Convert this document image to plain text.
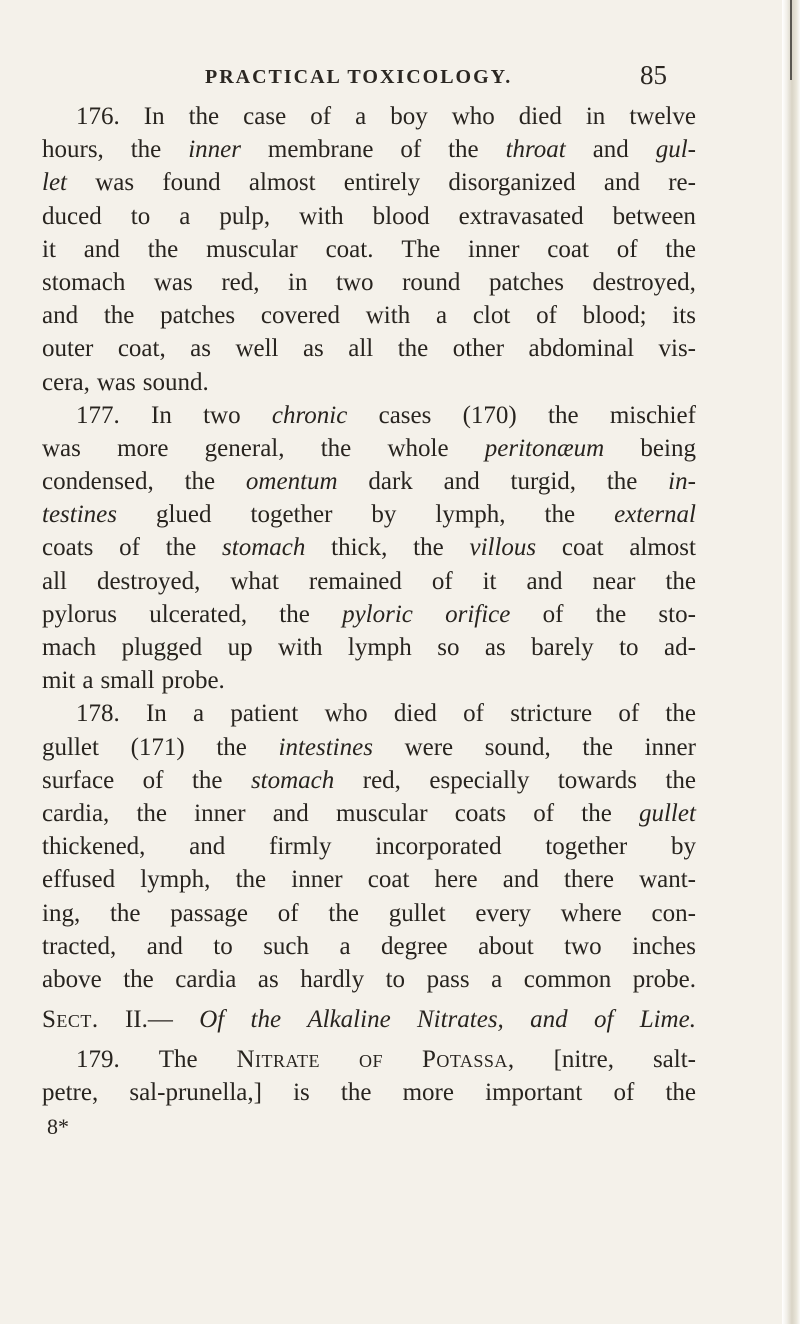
PRACTICAL TOXICOLOGY.	85
176. In the case of a boy who died in twelve
hours, the inner membrane of the throat and gul-
let was found almost entirely disorganized and re-
duced to a pulp, with blood extravasated between
it and the muscular coat. The inner coat of the
stomach was red, in two round patches destroyed,
and the patches covered with a clot of blood; its
outer coat, as well as all the other abdominal vis-
cera, was sound.
177. In two chronic cases (170) the mischief
was more general, the whole peritonæum being
condensed, the omentum dark and turgid, the in-
testines glued together by lymph, the external
coats of the stomach thick, the villous coat almost
all destroyed, what remained of it and near the
pylorus ulcerated, the pyloric orifice of the sto-
mach plugged up with lymph so as barely to ad-
mit a small probe.
178. In a patient who died of stricture of the
gullet (171) the intestines were sound, the inner
surface of the stomach red, especially towards the
cardia, the inner and muscular coats of the gullet
thickened, and firmly incorporated together by
effused lymph, the inner coat here and there want-
ing, the passage of the gullet every where con-
tracted, and to such a degree about two inches
above the cardia as hardly to pass a common probe.
Sect. II.— Of the Alkaline Nitrates, and of Lime.
179. The Nitrate of Potassa, [nitre, salt-
petre, sal-prunella,] is the more important of the
8*
